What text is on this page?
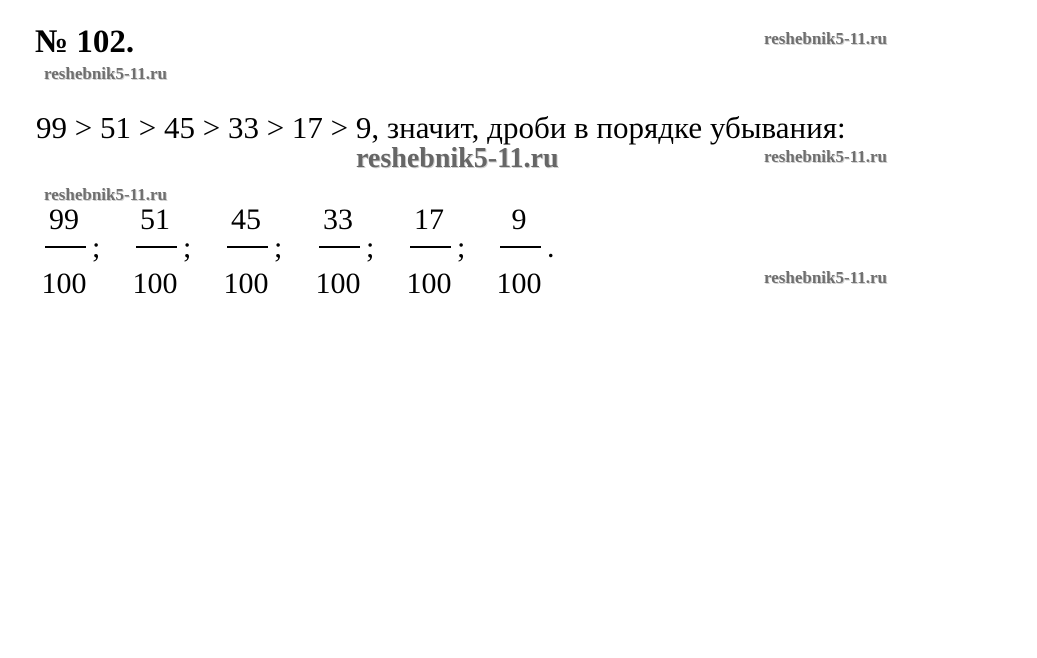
№ 102.	reshebnik5-11.ru
reshebnik5-11.ru
99 > 51 > 45 > 33 > 17 > 9, значит, дроби в порядке убывания:
reshebnik5-11.ru	reshebnik5-11.ru
reshebnik5-11.ru
reshebnik5-11.ru
99
;
100
51
;
100
45
;
100
33
;
100
17
;
100
9
.
100
